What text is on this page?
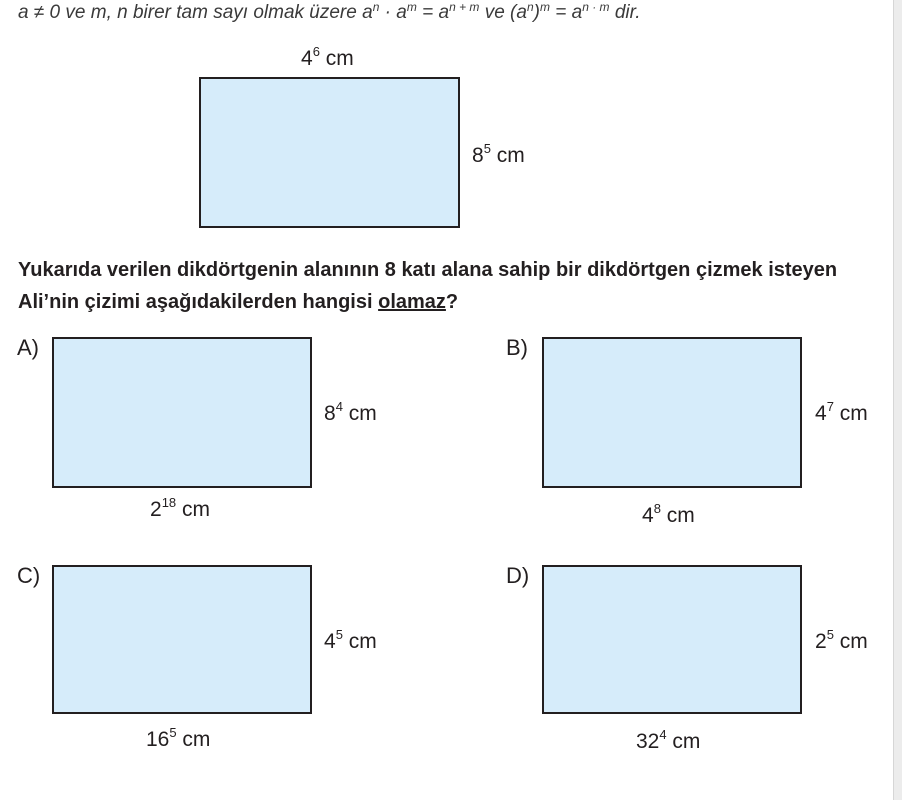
a ≠ 0 ve m, n birer tam sayı olmak üzere $a^n \cdot a^m = a^{n + m}$ ve $(a^n)^m = a^{n \cdot m}$ dir.
$4^6$ cm
$8^5$ cm
Yukarıda verilen dikdörtgenin alanının 8 katı alana sahip bir dikdörtgen çizmek isteyen Ali’nin çizimi aşağıdakilerden hangisi olamaz?
A)
$8^4$ cm
$2^{18}$ cm
B)
$4^7$ cm
$4^8$ cm
C)
$4^5$ cm
$16^5$ cm
D)
$2^5$ cm
$32^4$ cm
